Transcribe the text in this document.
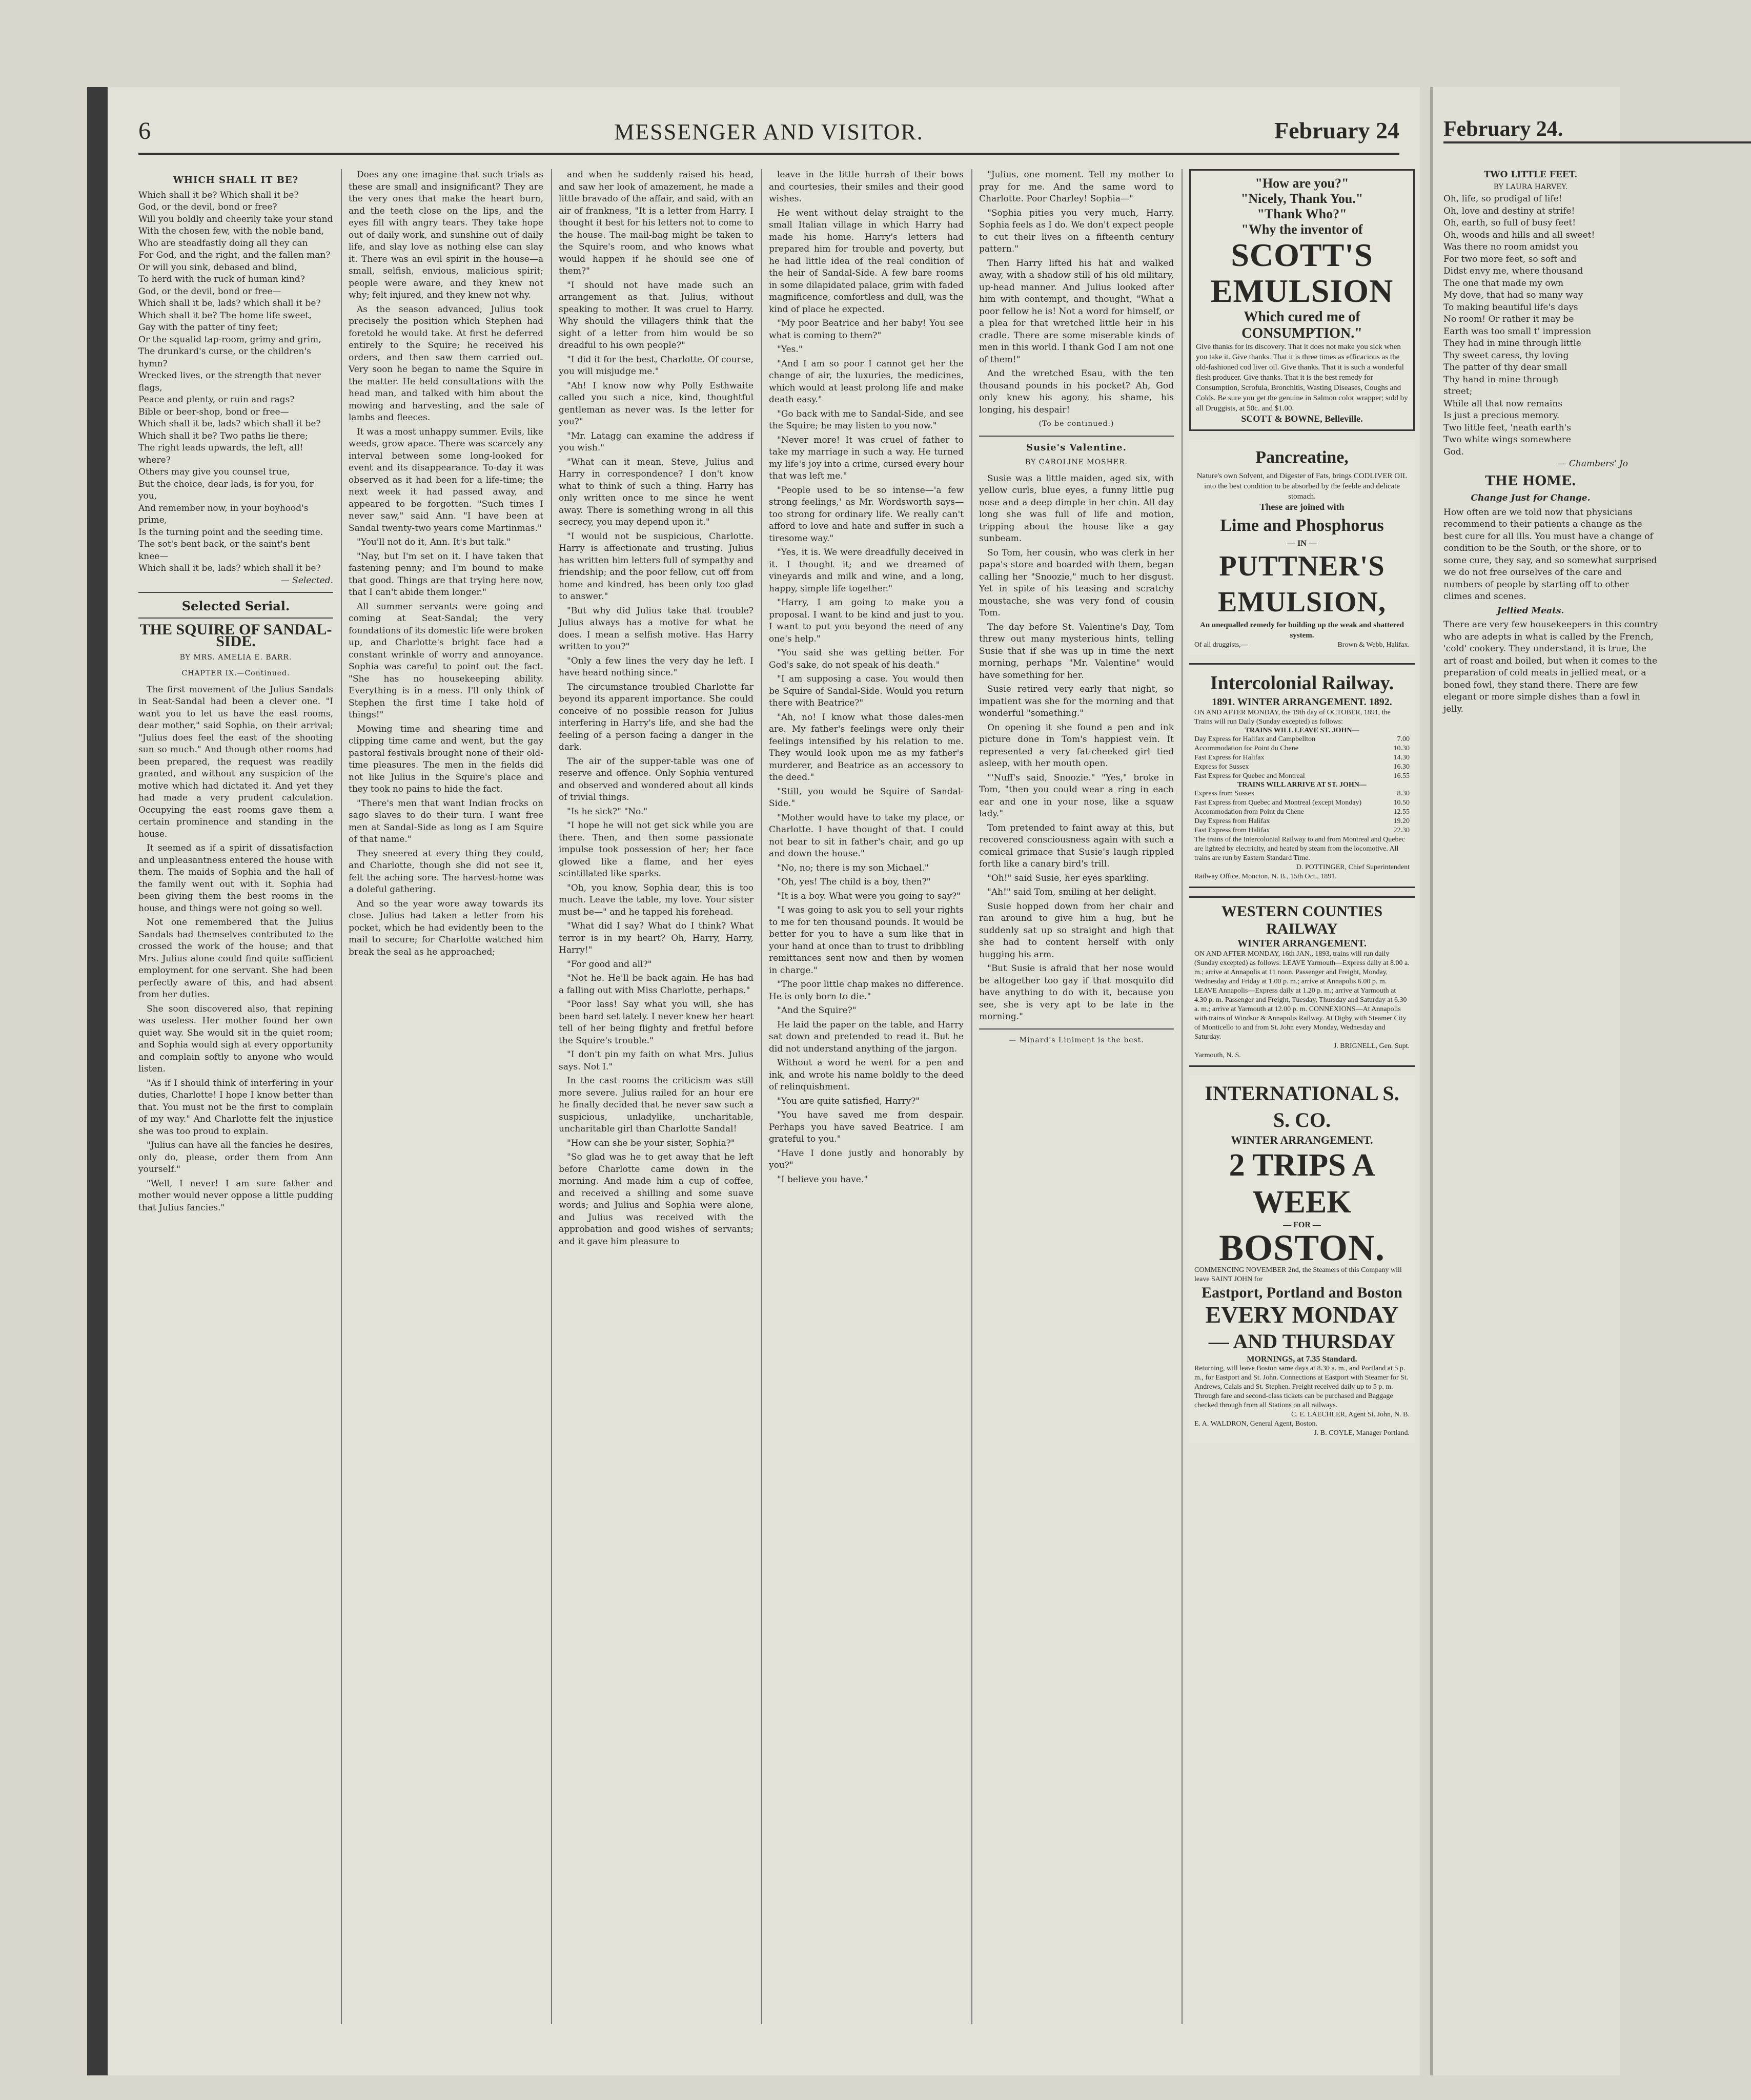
6	MESSENGER AND VISITOR.	February 24
WHICH SHALL IT BE?
Which shall it be? Which shall it be?
God, or the devil, bond or free?
Will you boldly and cheerily take your stand
With the chosen few, with the noble band,
Who are steadfastly doing all they can
For God, and the right, and the fallen man?
Or will you sink, debased and blind,
To herd with the ruck of human kind?
God, or the devil, bond or free—
Which shall it be, lads? which shall it be?
Which shall it be? The home life sweet,
Gay with the patter of tiny feet;
Or the squalid tap-room, grimy and grim,
The drunkard's curse, or the children's hymn?
Wrecked lives, or the strength that never flags,
Peace and plenty, or ruin and rags?
Bible or beer-shop, bond or free—
Which shall it be, lads? which shall it be?
Which shall it be? Two paths lie there;
The right leads upwards, the left, all! where?
Others may give you counsel true,
But the choice, dear lads, is for you, for you,
And remember now, in your boyhood's prime,
Is the turning point and the seeding time.
The sot's bent back, or the saint's bent knee—
Which shall it be, lads? which shall it be?
— Selected.
Selected Serial.
THE SQUIRE OF SANDAL-SIDE.
BY MRS. AMELIA E. BARR.
CHAPTER IX.—Continued.

The first movement of the Julius Sandals in Seat-Sandal had been a clever one. "I want you to let us have the east rooms, dear mother," said Sophia, on their arrival; "Julius does feel the east of the shooting sun so much." And though other rooms had been prepared, the request was readily granted, and without any suspicion of the motive which had dictated it. And yet they had made a very prudent calculation. Occupying the east rooms gave them a certain prominence and standing in the house.

It seemed as if a spirit of dissatisfaction and unpleasantness entered the house with them. The maids of Sophia and the hall of the family went out with it. Sophia had been giving them the best rooms in the house, and things were not going so well.

Not one remembered that the Julius Sandals had themselves contributed to the crossed the work of the house; and that Mrs. Julius alone could find quite sufficient employment for one servant. She had been perfectly aware of this, and had absent from her duties.

She soon discovered also, that repining was useless. Her mother found her own quiet way. She would sit in the quiet room; and Sophia would sigh at every opportunity and complain softly to anyone who would listen.

"As if I should think of interfering in your duties, Charlotte! I hope I know better than that. You must not be the first to complain of my way." And Charlotte felt the injustice she was too proud to explain.

"Julius can have all the fancies he desires, only do, please, order them from Ann yourself."

"Well, I never! I am sure father and mother would never oppose a little pudding that Julius fancies."

Does any one imagine that such trials as these are small and insignificant? They are the very ones that make the heart burn, and the teeth close on the lips, and the eyes fill with angry tears. They take hope out of daily work, and sunshine out of daily life, and slay love as nothing else can slay it. There was an evil spirit in the house—a small, selfish, envious, malicious spirit; people were aware, and they knew not why; felt injured, and they knew not why.

As the season advanced, Julius took precisely the position which Stephen had foretold he would take. At first he deferred entirely to the Squire; he received his orders, and then saw them carried out. Very soon he began to name the Squire in the matter. He held consultations with the head man, and talked with him about the mowing and harvesting, and the sale of lambs and fleeces.

It was a most unhappy summer. Evils, like weeds, grow apace. There was scarcely any interval between some long-looked for event and its disappearance. To-day it was observed as it had been for a life-time; the next week it had passed away, and appeared to be forgotten. "Such times I never saw," said Ann. "I have been at Sandal twenty-two years come Martinmas."

"You'll not do it, Ann. It's but talk."

"Nay, but I'm set on it. I have taken that fastening penny; and I'm bound to make that good. Things are that trying here now, that I can't abide them longer."

All summer servants were going and coming at Seat-Sandal; the very foundations of its domestic life were broken up, and Charlotte's bright face had a constant wrinkle of worry and annoyance. Sophia was careful to point out the fact. "She has no housekeeping ability. Everything is in a mess. I'll only think of Stephen the first time I take hold of things!"

Mowing time and shearing time and clipping time came and went, but the gay pastoral festivals brought none of their old-time pleasures. The men in the fields did not like Julius in the Squire's place and they took no pains to hide the fact.

"There's men that want Indian frocks on sago slaves to do their turn. I want free men at Sandal-Side as long as I am Squire of that name."

They sneered at every thing they could, and Charlotte, though she did not see it, felt the aching sore. The harvest-home was a doleful gathering.

And so the year wore away towards its close. Julius had taken a letter from his pocket, which he had evidently been to the mail to secure; for Charlotte watched him break the seal as he approached;

and when he suddenly raised his head, and saw her look of amazement, he made a little bravado of the affair, and said, with an air of frankness, "It is a letter from Harry. I thought it best for his letters not to come to the house. The mail-bag might be taken to the Squire's room, and who knows what would happen if he should see one of them?"

"I should not have made such an arrangement as that. Julius, without speaking to mother. It was cruel to Harry. Why should the villagers think that the sight of a letter from him would be so dreadful to his own people?"

"I did it for the best, Charlotte. Of course, you will misjudge me."

"Ah! I know now why Polly Esthwaite called you such a nice, kind, thoughtful gentleman as never was. Is the letter for you?"

"Mr. Latagg can examine the address if you wish."

"What can it mean, Steve, Julius and Harry in correspondence? I don't know what to think of such a thing. Harry has only written once to me since he went away. There is something wrong in all this secrecy, you may depend upon it."

"I would not be suspicious, Charlotte. Harry is affectionate and trusting. Julius has written him letters full of sympathy and friendship; and the poor fellow, cut off from home and kindred, has been only too glad to answer."

"But why did Julius take that trouble? Julius always has a motive for what he does. I mean a selfish motive. Has Harry written to you?"

"Only a few lines the very day he left. I have heard nothing since."

The circumstance troubled Charlotte far beyond its apparent importance. She could conceive of no possible reason for Julius interfering in Harry's life, and she had the feeling of a person facing a danger in the dark.

The air of the supper-table was one of reserve and offence. Only Sophia ventured and observed and wondered about all kinds of trivial things.

"Is he sick?" "No."

"I hope he will not get sick while you are there. Then, and then some passionate impulse took possession of her; her face glowed like a flame, and her eyes scintillated like sparks.

"Oh, you know, Sophia dear, this is too much. Leave the table, my love. Your sister must be—" and he tapped his forehead.

"What did I say? What do I think? What terror is in my heart? Oh, Harry, Harry, Harry!"

"For good and all?"

"Not he. He'll be back again. He has had a falling out with Miss Charlotte, perhaps."

"Poor lass! Say what you will, she has been hard set lately. I never knew her heart tell of her being flighty and fretful before the Squire's trouble."

"I don't pin my faith on what Mrs. Julius says. Not I."

In the cast rooms the criticism was still more severe. Julius railed for an hour ere he finally decided that he never saw such a suspicious, unladylike, uncharitable, uncharitable girl than Charlotte Sandal!

"How can she be your sister, Sophia?"

"So glad was he to get away that he left before Charlotte came down in the morning. And made him a cup of coffee, and received a shilling and some suave words; and Julius and Sophia were alone, and Julius was received with the approbation and good wishes of servants; and it gave him pleasure to

leave in the little hurrah of their bows and courtesies, their smiles and their good wishes.

He went without delay straight to the small Italian village in which Harry had made his home. Harry's letters had prepared him for trouble and poverty, but he had little idea of the real condition of the heir of Sandal-Side. A few bare rooms in some dilapidated palace, grim with faded magnificence, comfortless and dull, was the kind of place he expected.

"My poor Beatrice and her baby! You see what is coming to them?"

"Yes."

"And I am so poor I cannot get her the change of air, the luxuries, the medicines, which would at least prolong life and make death easy."

"Go back with me to Sandal-Side, and see the Squire; he may listen to you now."

"Never more! It was cruel of father to take my marriage in such a way. He turned my life's joy into a crime, cursed every hour that was left me."

"People used to be so intense—'a few strong feelings,' as Mr. Wordsworth says—too strong for ordinary life. We really can't afford to love and hate and suffer in such a tiresome way."

"Yes, it is. We were dreadfully deceived in it. I thought it; and we dreamed of vineyards and milk and wine, and a long, happy, simple life together."

"Harry, I am going to make you a proposal. I want to be kind and just to you. I want to put you beyond the need of any one's help."

"You said she was getting better. For God's sake, do not speak of his death."

"I am supposing a case. You would then be Squire of Sandal-Side. Would you return there with Beatrice?"

"Ah, no! I know what those dales-men are. My father's feelings were only their feelings intensified by his relation to me. They would look upon me as my father's murderer, and Beatrice as an accessory to the deed."

"Still, you would be Squire of Sandal-Side."

"Mother would have to take my place, or Charlotte. I have thought of that. I could not bear to sit in father's chair, and go up and down the house."

"No, no; there is my son Michael."

"Oh, yes! The child is a boy, then?"

"It is a boy. What were you going to say?"

"I was going to ask you to sell your rights to me for ten thousand pounds. It would be better for you to have a sum like that in your hand at once than to trust to dribbling remittances sent now and then by women in charge."

"The poor little chap makes no difference. He is only born to die."

"And the Squire?"

He laid the paper on the table, and Harry sat down and pretended to read it. But he did not understand anything of the jargon.

Without a word he went for a pen and ink, and wrote his name boldly to the deed of relinquishment.

"You are quite satisfied, Harry?"

"You have saved me from despair. Perhaps you have saved Beatrice. I am grateful to you."

"Have I done justly and honorably by you?"

"I believe you have."

"Julius, one moment. Tell my mother to pray for me. And the same word to Charlotte. Poor Charley! Sophia—"

"Sophia pities you very much, Harry. Sophia feels as I do. We don't expect people to cut their lives on a fifteenth century pattern."

Then Harry lifted his hat and walked away, with a shadow still of his old military, up-head manner. And Julius looked after him with contempt, and thought, "What a poor fellow he is! Not a word for himself, or a plea for that wretched little heir in his cradle. There are some miserable kinds of men in this world. I thank God I am not one of them!"

And the wretched Esau, with the ten thousand pounds in his pocket? Ah, God only knew his agony, his shame, his longing, his despair!

(To be continued.)

Susie's Valentine.
BY CAROLINE MOSHER.

Susie was a little maiden, aged six, with yellow curls, blue eyes, a funny little pug nose and a deep dimple in her chin. All day long she was full of life and motion, tripping about the house like a gay sunbeam.

So Tom, her cousin, who was clerk in her papa's store and boarded with them, began calling her "Snoozie," much to her disgust. Yet in spite of his teasing and scratchy moustache, she was very fond of cousin Tom.

The day before St. Valentine's Day, Tom threw out many mysterious hints, telling Susie that if she was up in time the next morning, perhaps "Mr. Valentine" would have something for her.

Susie retired very early that night, so impatient was she for the morning and that wonderful "something."

On opening it she found a pen and ink picture done in Tom's happiest vein. It represented a very fat-cheeked girl tied asleep, with her mouth open.

"'Nuff's said, Snoozie." "Yes," broke in Tom, "then you could wear a ring in each ear and one in your nose, like a squaw lady."

Tom pretended to faint away at this, but recovered consciousness again with such a comical grimace that Susie's laugh rippled forth like a canary bird's trill.

"Oh!" said Susie, her eyes sparkling.

"Ah!" said Tom, smiling at her delight.

Susie hopped down from her chair and ran around to give him a hug, but he suddenly sat up so straight and high that she had to content herself with only hugging his arm.

"But Susie is afraid that her nose would be altogether too gay if that mosquito did have anything to do with it, because you see, she is very apt to be late in the morning."

— Minard's Liniment is the best.

"How are you?"
"Nicely, Thank You."
"Thank Who?"
"Why the inventor of
SCOTT'S
EMULSION
Which cured me of CONSUMPTION."
Give thanks for its discovery. That it does not make you sick when you take it. Give thanks. That it is three times as efficacious as the old-fashioned cod liver oil. Give thanks. That it is such a wonderful flesh producer. Give thanks. That it is the best remedy for Consumption, Scrofula, Bronchitis, Wasting Diseases, Coughs and Colds. Be sure you get the genuine in Salmon color wrapper; sold by all Druggists, at 50c. and $1.00.
SCOTT & BOWNE, Belleville.
Pancreatine,
Nature's own Solvent, and Digester of Fats, brings CODLIVER OIL into the best condition to be absorbed by the feeble and delicate stomach.
These are joined with
Lime and Phosphorus
— IN —
PUTTNER'S
EMULSION,
An unequalled remedy for building up the weak and shattered system.
Of all druggists,—	Brown & Webb, Halifax.
Intercolonial Railway.
1891. WINTER ARRANGEMENT. 1892.
ON AND AFTER MONDAY, the 19th day of OCTOBER, 1891, the Trains will run Daily (Sunday excepted) as follows:
TRAINS WILL LEAVE ST. JOHN—
Day Express for Halifax and Campbellton	7.00
Accommodation for Point du Chene	10.30
Fast Express for Halifax	14.30
Express for Sussex	16.30
Fast Express for Quebec and Montreal	16.55
TRAINS WILL ARRIVE AT ST. JOHN—
Express from Sussex	8.30
Fast Express from Quebec and Montreal (except Monday)	10.50
Accommodation from Point du Chene	12.55
Day Express from Halifax	19.20
Fast Express from Halifax	22.30
The trains of the Intercolonial Railway to and from Montreal and Quebec are lighted by electricity, and heated by steam from the locomotive. All trains are run by Eastern Standard Time.
D. POTTINGER, Chief Superintendent
Railway Office, Moncton, N. B., 15th Oct., 1891.
WESTERN COUNTIES RAILWAY
WINTER ARRANGEMENT.
ON AND AFTER MONDAY, 16th JAN., 1893, trains will run daily (Sunday excepted) as follows: LEAVE Yarmouth—Express daily at 8.00 a. m.; arrive at Annapolis at 11 noon. Passenger and Freight, Monday, Wednesday and Friday at 1.00 p. m.; arrive at Annapolis 6.00 p. m. LEAVE Annapolis—Express daily at 1.20 p. m.; arrive at Yarmouth at 4.30 p. m. Passenger and Freight, Tuesday, Thursday and Saturday at 6.30 a. m.; arrive at Yarmouth at 12.00 p. m. CONNEXIONS—At Annapolis with trains of Windsor & Annapolis Railway. At Digby with Steamer City of Monticello to and from St. John every Monday, Wednesday and Saturday.
J. BRIGNELL, Gen. Supt.
Yarmouth, N. S.
INTERNATIONAL S. S. CO.
WINTER ARRANGEMENT.
2 TRIPS A WEEK
— FOR —
BOSTON.
COMMENCING NOVEMBER 2nd, the Steamers of this Company will leave SAINT JOHN for
Eastport, Portland and Boston
EVERY MONDAY
— AND THURSDAY
MORNINGS, at 7.35 Standard.
Returning, will leave Boston same days at 8.30 a. m., and Portland at 5 p. m., for Eastport and St. John. Connections at Eastport with Steamer for St. Andrews, Calais and St. Stephen. Freight received daily up to 5 p. m. Through fare and second-class tickets can be purchased and Baggage checked through from all Stations on all railways.
C. E. LAECHLER, Agent St. John, N. B.
E. A. WALDRON, General Agent, Boston.
J. B. COYLE, Manager Portland.
February 24.
TWO LITTLE FEET.
BY LAURA HARVEY.
Oh, life, so prodigal of life!
Oh, love and destiny at strife!
Oh, earth, so full of busy feet!
Oh, woods and hills and all sweet!
Was there no room amidst you
For two more feet, so soft and
Didst envy me, where thousand
The one that made my own
My dove, that had so many way
To making beautiful life's days
No room! Or rather it may be
Earth was too small t' impression
They had in mine through little
Thy sweet caress, thy loving
The patter of thy dear small
Thy hand in mine through
street;
While all that now remains
Is just a precious memory.
Two little feet, 'neath earth's
Two white wings somewhere
God.
— Chambers' Jo
THE HOME.

Change Just for Change.

How often are we told now that physicians recommend to their patients a change as the best cure for all ills. You must have a change of condition to be the South, or the shore, or to some cure, they say, and so somewhat surprised we do not free ourselves of the care and numbers of people by starting off to other climes and scenes.

Jellied Meats.

There are very few housekeepers in this country who are adepts in what is called by the French, 'cold' cookery. They understand, it is true, the art of roast and boiled, but when it comes to the preparation of cold meats in jellied meat, or a boned fowl, they stand there. There are few elegant or more simple dishes than a fowl in jelly.
